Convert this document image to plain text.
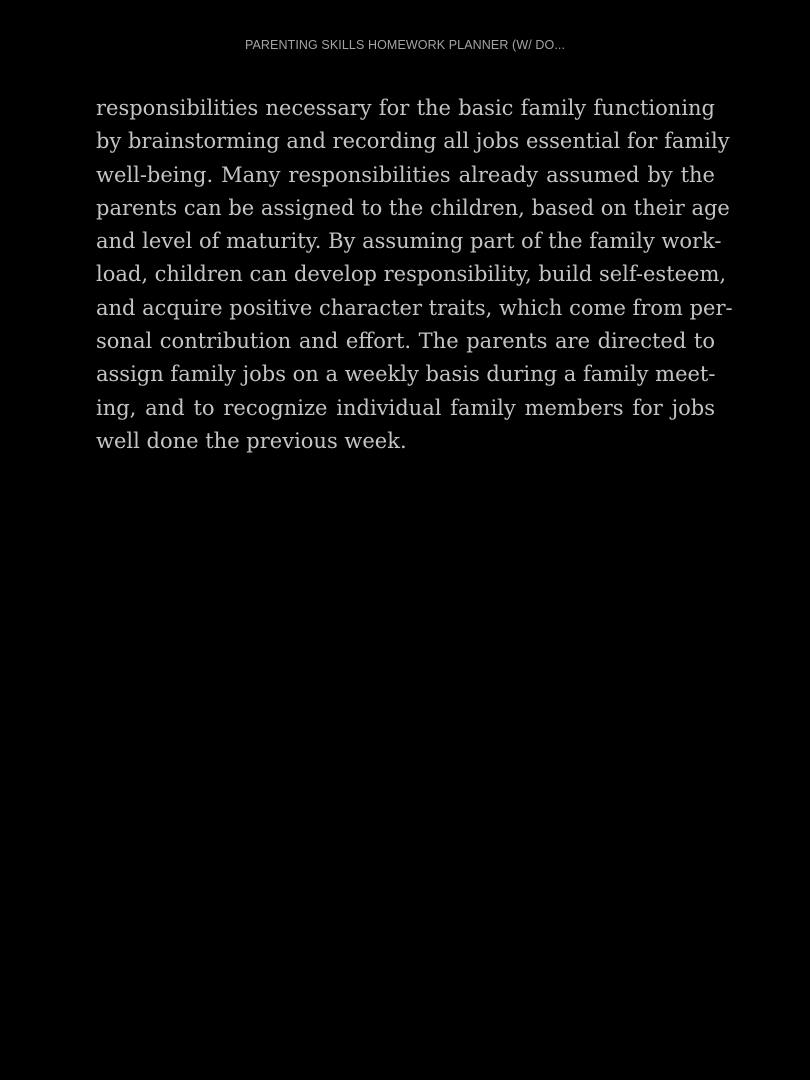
PARENTING SKILLS HOMEWORK PLANNER (W/ DO...
responsibilities necessary for the basic family functioning
by brainstorming and recording all jobs essential for family
well-being. Many responsibilities already assumed by the
parents can be assigned to the children, based on their age
and level of maturity. By assuming part of the family work-
load, children can develop responsibility, build self-esteem,
and acquire positive character traits, which come from per-
sonal contribution and effort. The parents are directed to
assign family jobs on a weekly basis during a family meet-
ing, and to recognize individual family members for jobs
well done the previous week.
